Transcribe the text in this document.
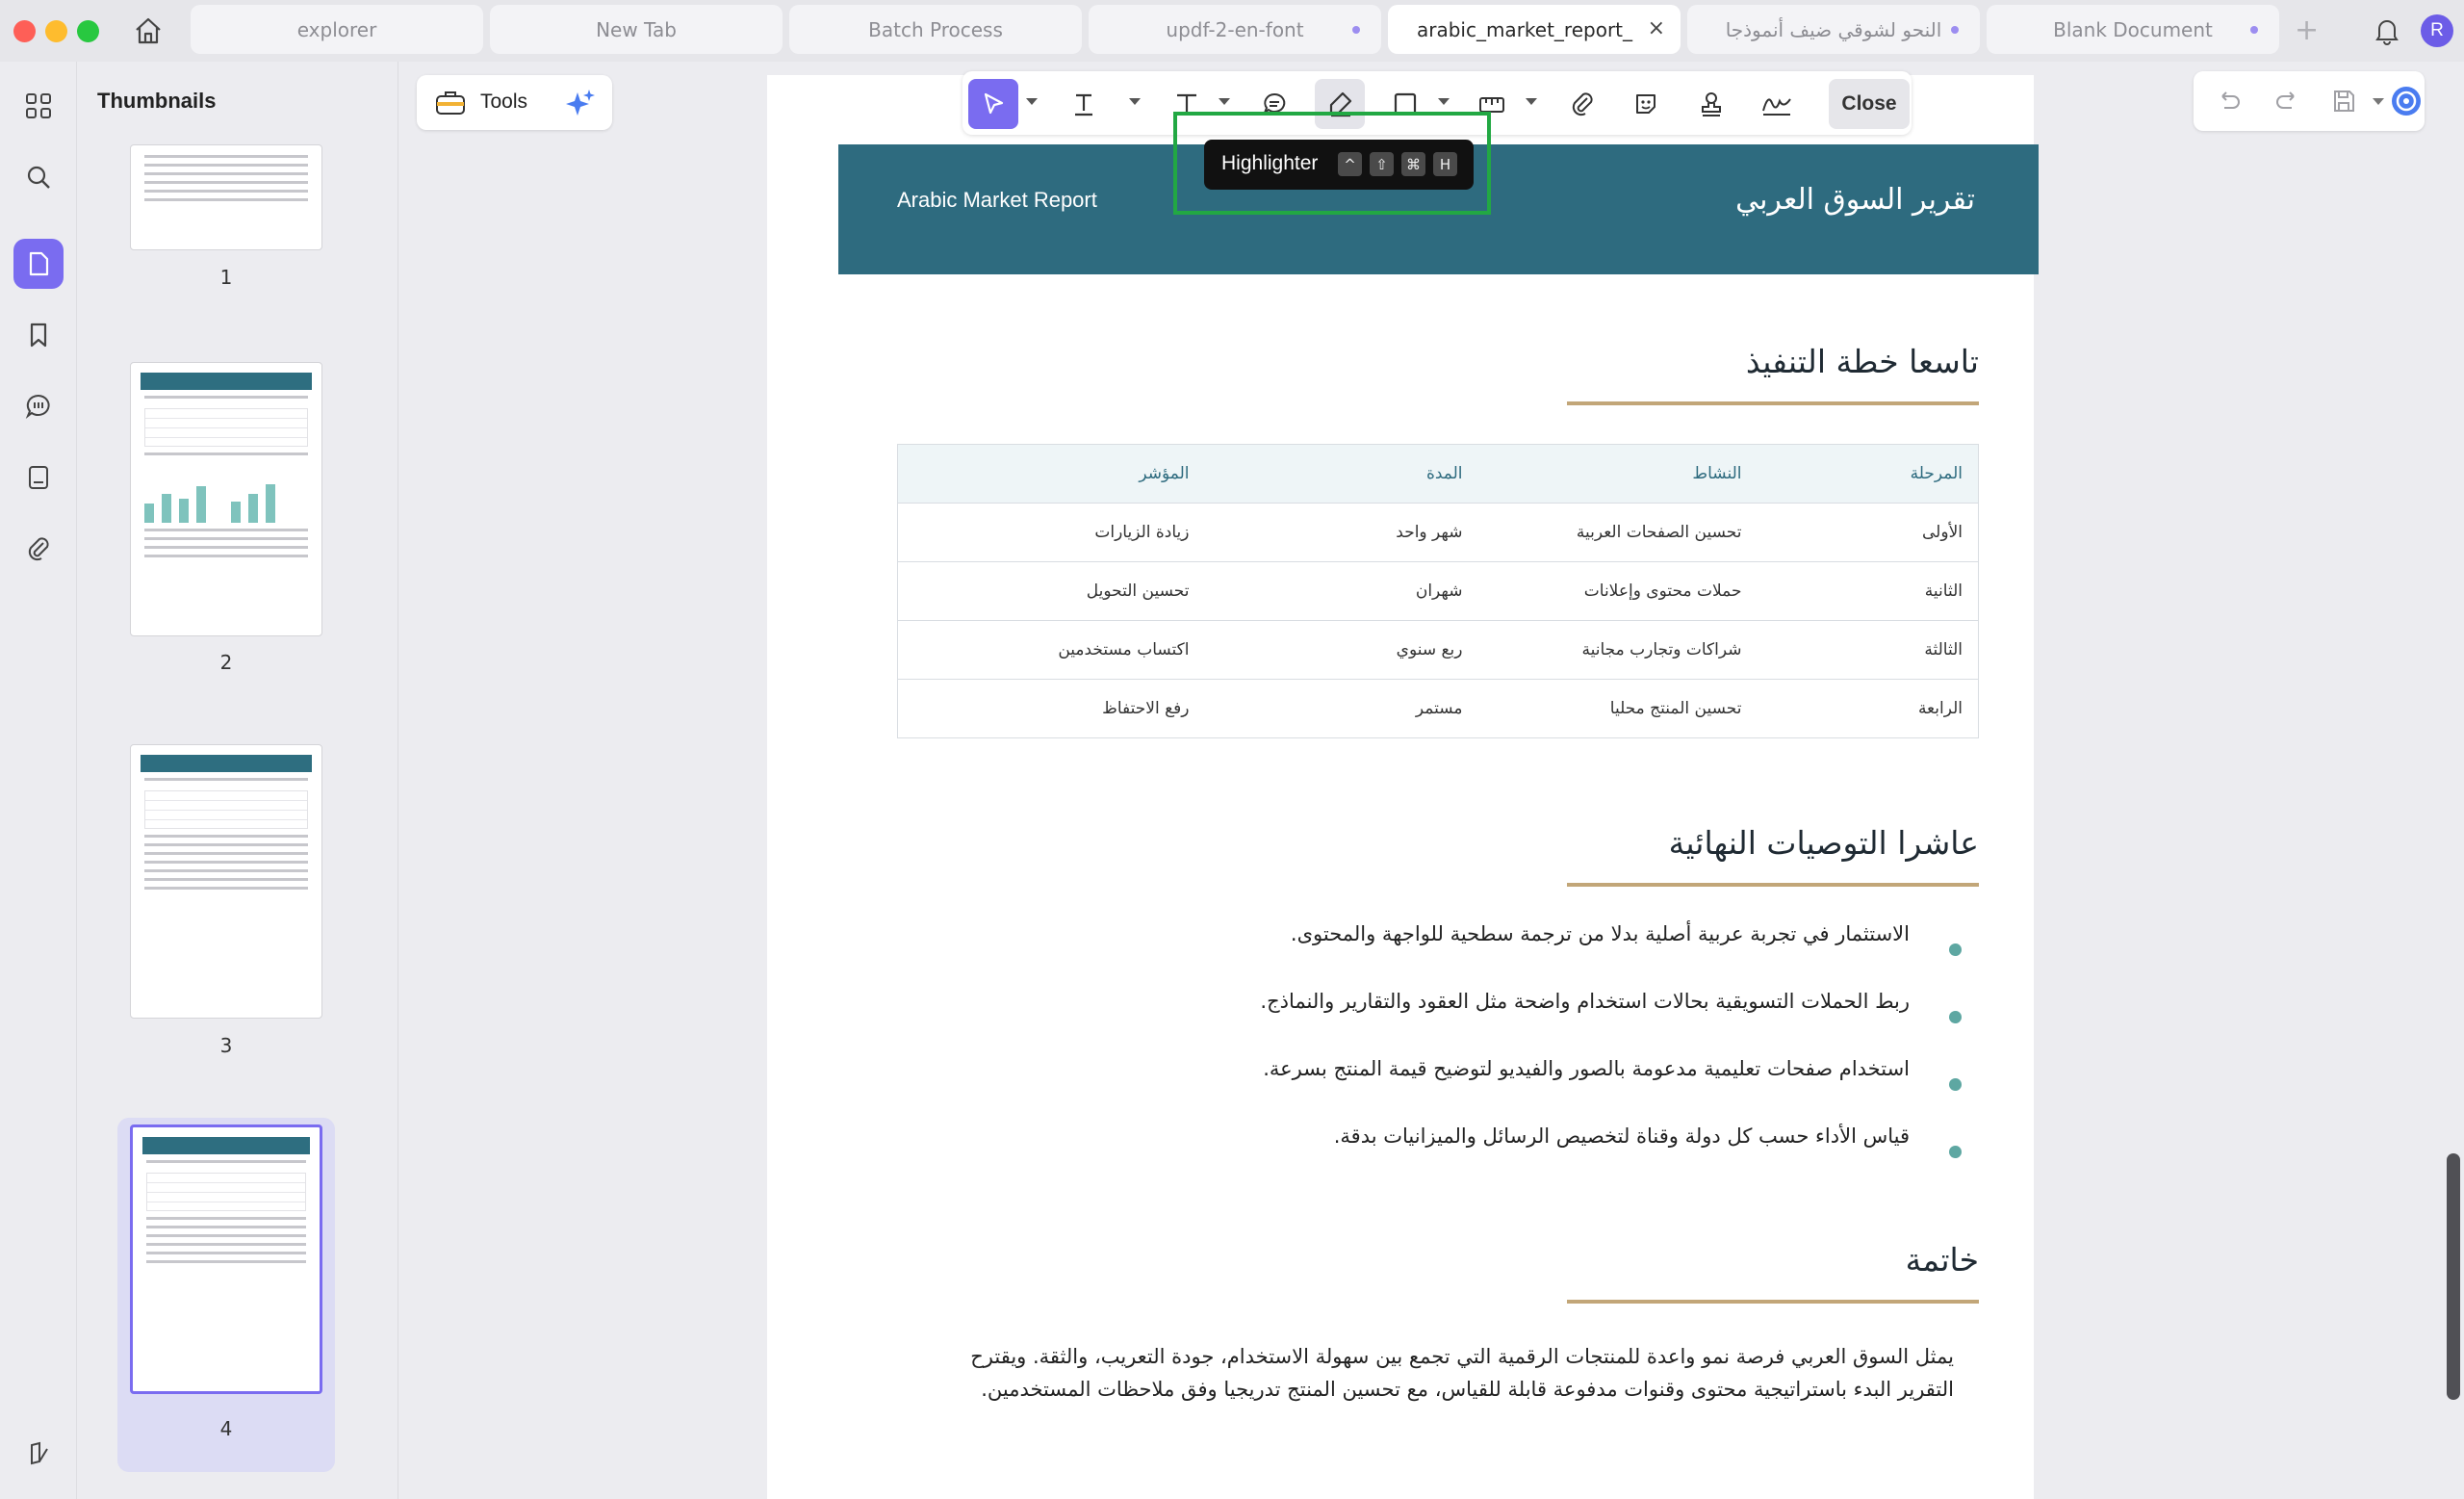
explorer	New Tab	Batch Process	updf-2-en-font	arabic_market_report_ ×	النحو لشوقي ضيف أنموذجا	Blank Document	+	R
Thumbnails
1
2
3
4
Tools
Arabic Market Report	تقرير السوق العربي
تاسعا خطة التنفيذ
المرحلة	النشاط	المدة	المؤشر
الأولى	تحسين الصفحات العربية	شهر واحد	زيادة الزيارات
الثانية	حملات محتوى وإعلانات	شهران	تحسين التحويل
الثالثة	شراكات وتجارب مجانية	ربع سنوي	اكتساب مستخدمين
الرابعة	تحسين المنتج محليا	مستمر	رفع الاحتفاظ
عاشرا التوصيات النهائية
الاستثمار في تجربة عربية أصلية بدلا من ترجمة سطحية للواجهة والمحتوى.
ربط الحملات التسويقية بحالات استخدام واضحة مثل العقود والتقارير والنماذج.
استخدام صفحات تعليمية مدعومة بالصور والفيديو لتوضيح قيمة المنتج بسرعة.
قياس الأداء حسب كل دولة وقناة لتخصيص الرسائل والميزانيات بدقة.
خاتمة
يمثل السوق العربي فرصة نمو واعدة للمنتجات الرقمية التي تجمع بين سهولة الاستخدام، جودة التعريب، والثقة. ويقترح
التقرير البدء باستراتيجية محتوى وقنوات مدفوعة قابلة للقياس، مع تحسين المنتج تدريجيا وفق ملاحظات المستخدمين.
Close
Highlighter	^	⇧	⌘	H
